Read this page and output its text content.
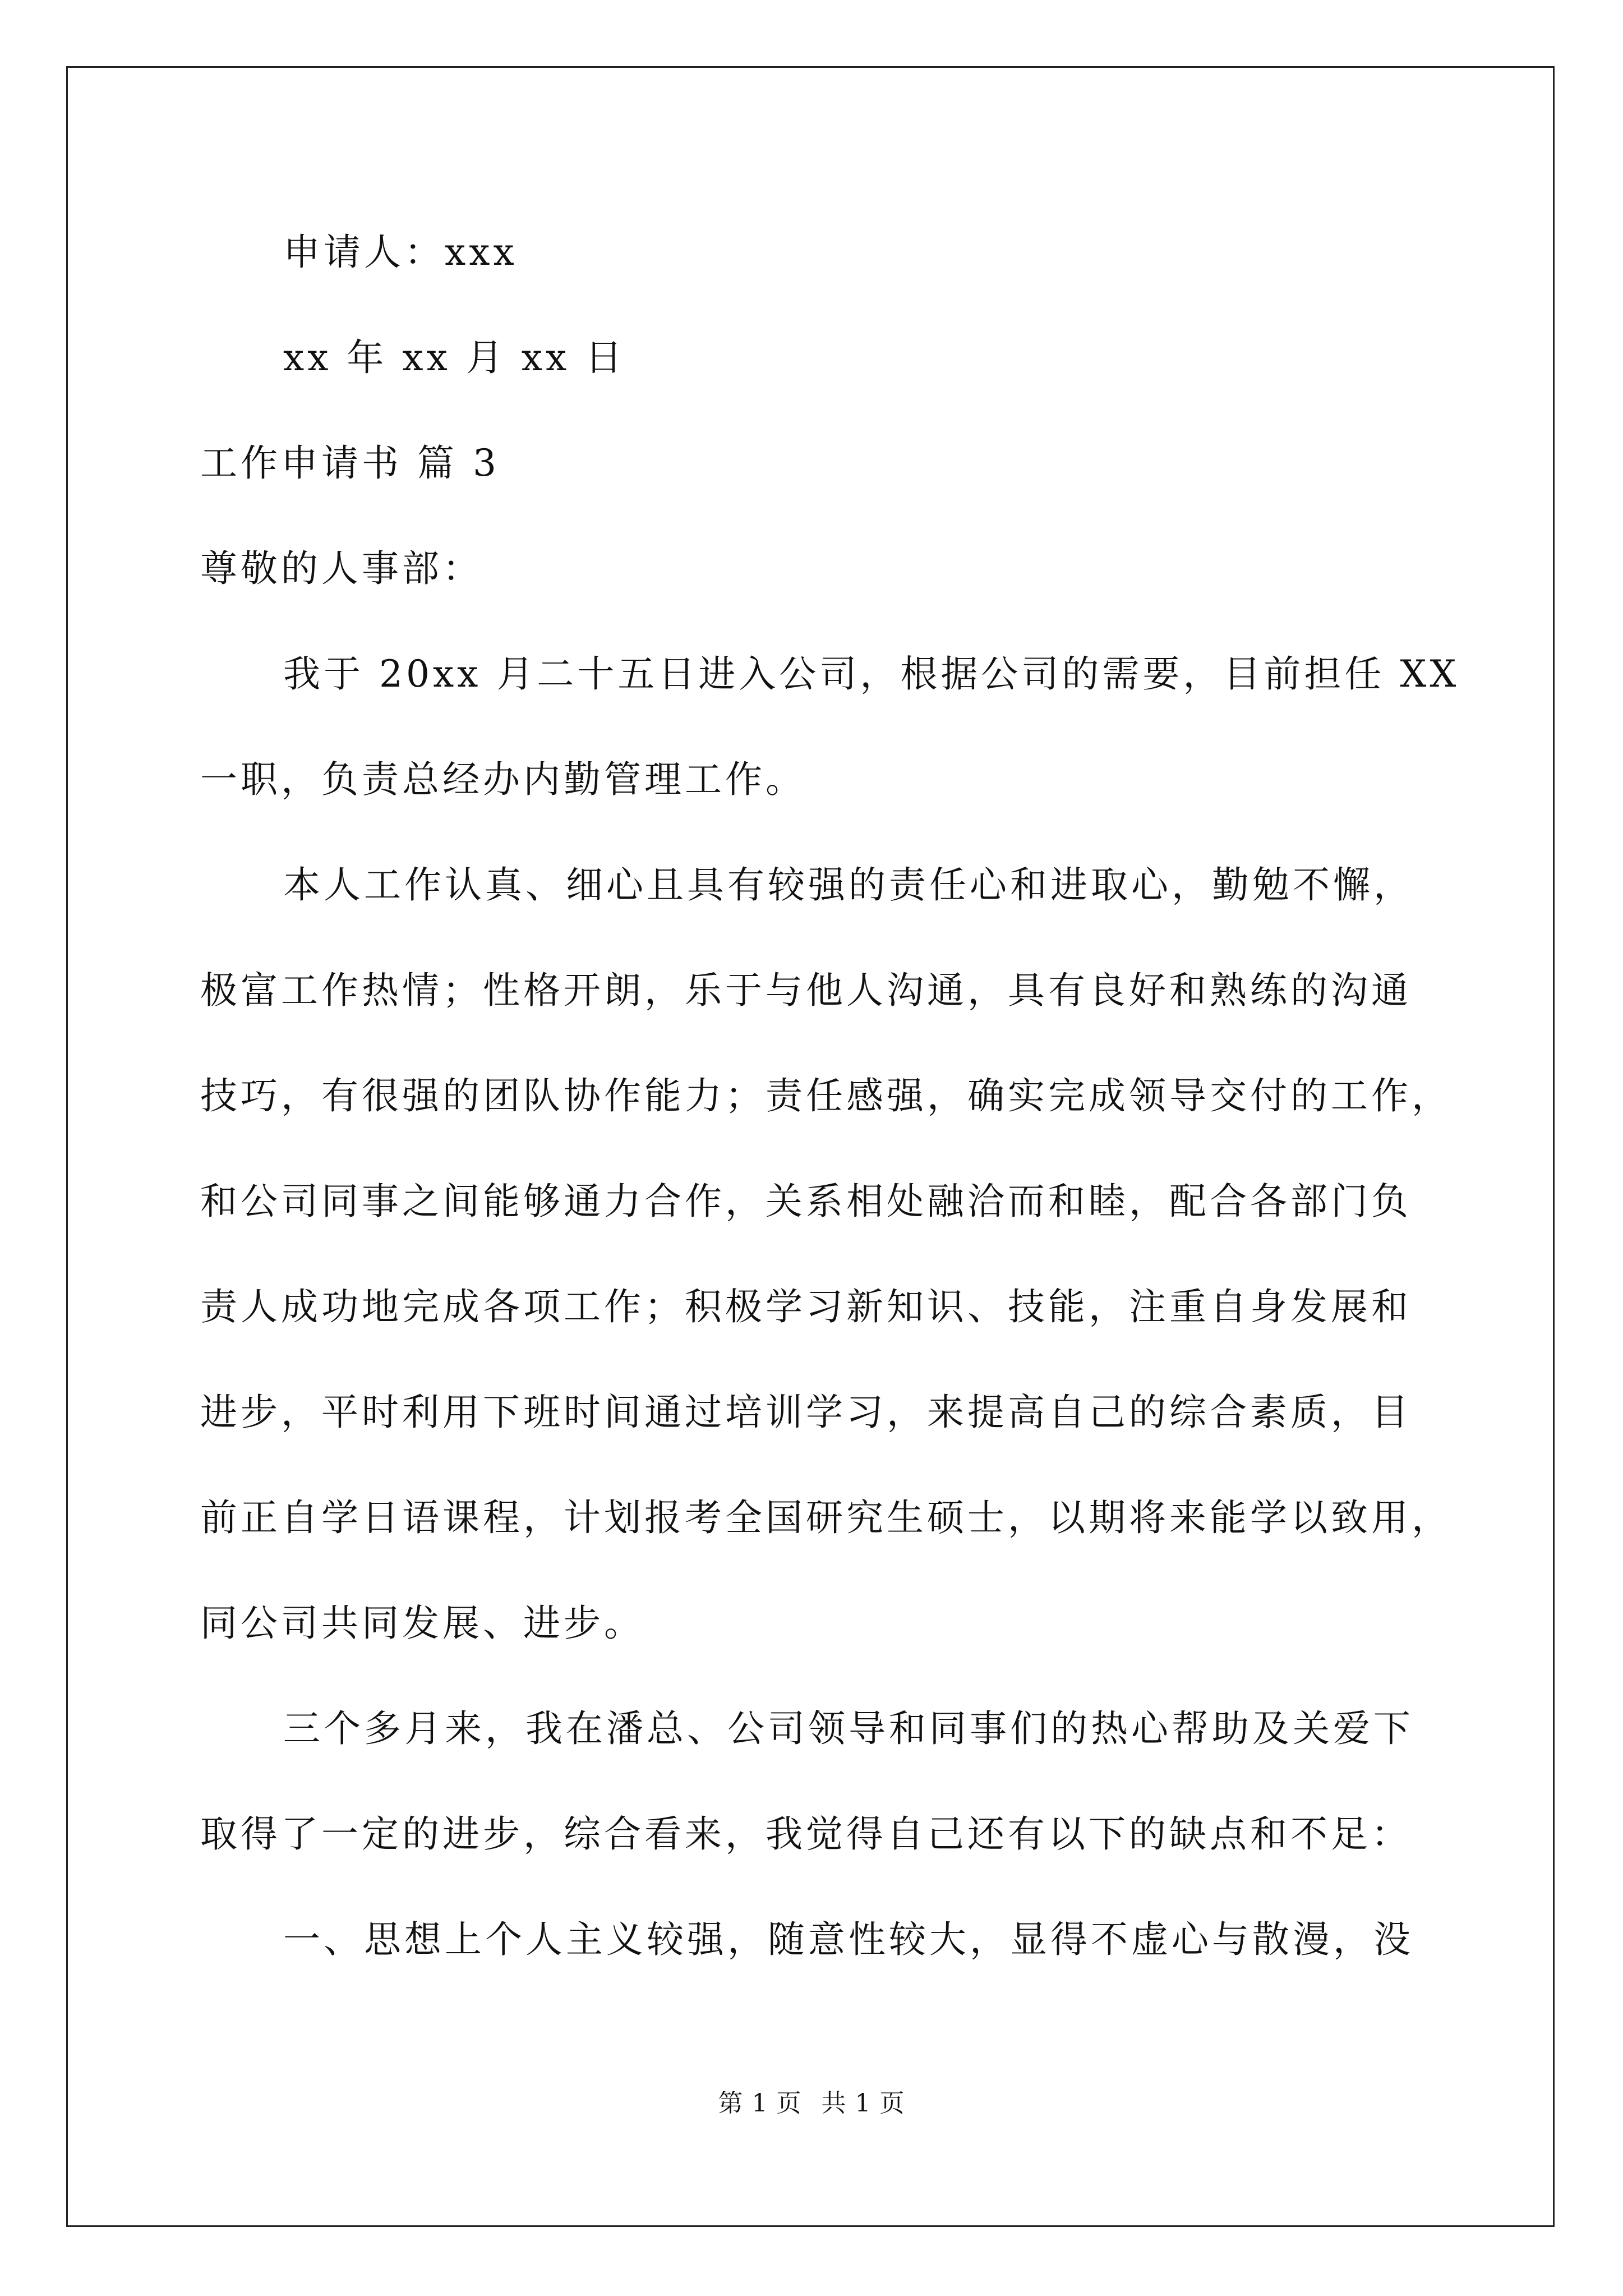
申请人：xxx
xx 年 xx 月 xx 日
工作申请书 篇 3
尊敬的人事部：
我于 20xx 月二十五日进入公司，根据公司的需要，目前担任 XX
一职，负责总经办内勤管理工作。
本人工作认真、细心且具有较强的责任心和进取心，勤勉不懈，
极富工作热情；性格开朗，乐于与他人沟通，具有良好和熟练的沟通
技巧，有很强的团队协作能力；责任感强，确实完成领导交付的工作，
和公司同事之间能够通力合作，关系相处融洽而和睦，配合各部门负
责人成功地完成各项工作；积极学习新知识、技能，注重自身发展和
进步，平时利用下班时间通过培训学习，来提高自己的综合素质，目
前正自学日语课程，计划报考全国研究生硕士，以期将来能学以致用，
同公司共同发展、进步。
三个多月来，我在潘总、公司领导和同事们的热心帮助及关爱下
取得了一定的进步，综合看来，我觉得自己还有以下的缺点和不足：
一、思想上个人主义较强，随意性较大，显得不虚心与散漫，没
第 1 页 共 1 页
